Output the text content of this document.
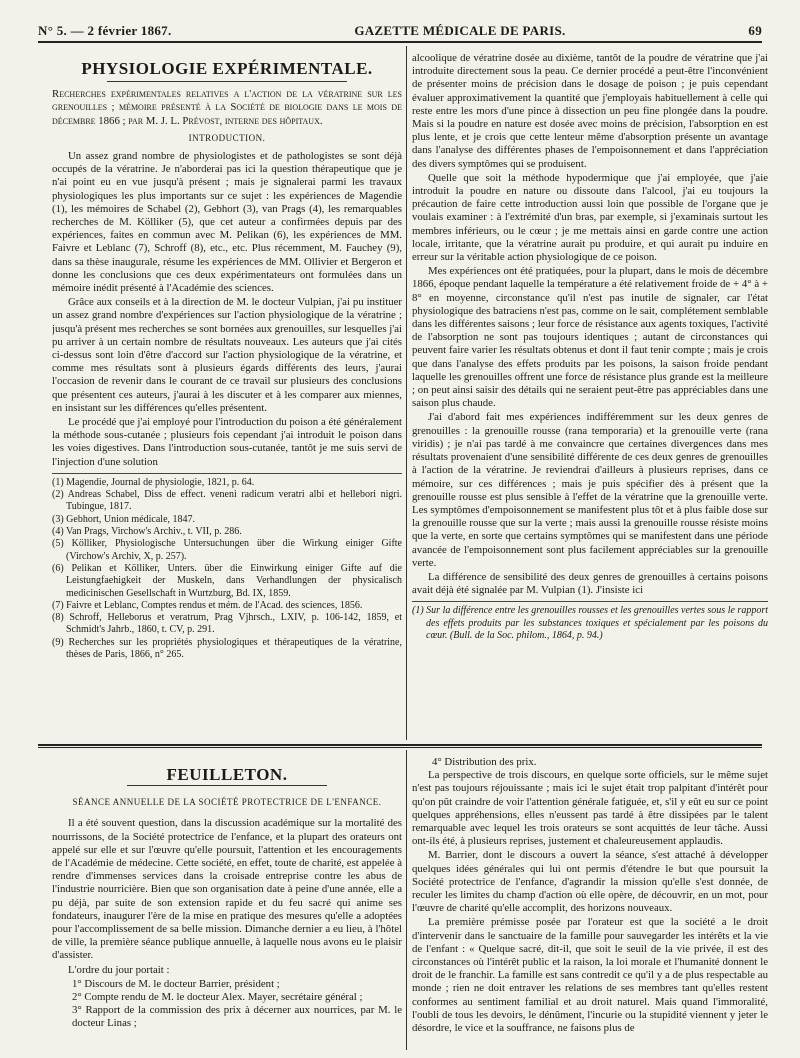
N° 5. — 2 février 1867.	GAZETTE MÉDICALE DE PARIS.	69
PHYSIOLOGIE EXPÉRIMENTALE.

Recherches expérimentales relatives a l'action de la vératrine sur les grenouilles ; mémoire présenté à la Société de biologie dans le mois de décembre 1866 ; par M. J. L. Prévost, interne des hôpitaux.

INTRODUCTION.

Un assez grand nombre de physiologistes et de pathologistes se sont déjà occupés de la vératrine. Je n'aborderai pas ici la question thérapeutique que je n'ai point eu en vue jusqu'à présent ; mais je signalerai parmi les travaux physiologiques les plus importants sur ce sujet : les expériences de Magendie (1), les mémoires de Schabel (2), Gebhort (3), van Prags (4), les remarquables recherches de M. Kölliker (5), que cet auteur a confirmées depuis par des expériences, faites en commun avec M. Pelikan (6), les expériences de MM. Faivre et Leblanc (7), Schroff (8), etc., etc. Plus récemment, M. Fauchey (9), dans sa thèse inaugurale, résume les expériences de MM. Ollivier et Bergeron et donne les conclusions que ces deux expérimentateurs ont formulées dans un mémoire inédit présenté à l'Académie des sciences.

Grâce aux conseils et à la direction de M. le docteur Vulpian, j'ai pu instituer un assez grand nombre d'expériences sur l'action physiologique de la vératrine ; jusqu'à présent mes recherches se sont bornées aux grenouilles, sur lesquelles j'ai pu arriver à un certain nombre de résultats nouveaux. Les auteurs que j'ai cités ci-dessus sont loin d'être d'accord sur l'action physiologique de la vératrine, et comme mes résultats sont à plusieurs égards différents des leurs, j'aurai l'occasion de revenir dans le courant de ce travail sur plusieurs des conclusions que présentent ces auteurs, j'aurai à les discuter et à les comparer aux miennes, en insistant sur les différences qu'elles présentent.

Le procédé que j'ai employé pour l'introduction du poison a été généralement la méthode sous-cutanée ; plusieurs fois cependant j'ai introduit le poison dans les voies digestives. Dans l'introduction sous-cutanée, tantôt je me suis servi de l'injection d'une solution

(1) Magendie, Journal de physiologie, 1821, p. 64.

(2) Andreas Schabel, Diss de effect. veneni radicum veratri albi et hellebori nigri. Tubingue, 1817.

(3) Gebhort, Union médicale, 1847.

(4) Van Prags, Virchow's Archiv., t. VII, p. 286.

(5) Kölliker, Physiologische Untersuchungen über die Wirkung einiger Gifte (Virchow's Archiv, X, p. 257).

(6) Pelikan et Kölliker, Unters. über die Einwirkung einiger Gifte auf die Leistungfaehigkeit der Muskeln, dans Verhandlungen der physicalisch medicinischen Gesellschaft in Wurtzburg, Bd. IX, 1859.

(7) Faivre et Leblanc, Comptes rendus et mém. de l'Acad. des sciences, 1856.

(8) Schroff, Helleborus et veratrum, Prag Vjhrsch., LXIV, p. 106-142, 1859, et Schmidt's Jahrb., 1860, t. CV, p. 291.

(9) Recherches sur les propriétés physiologiques et thérapeutiques de la vératrine, thèses de Paris, 1866, n° 265.

alcoolique de vératrine dosée au dixième, tantôt de la poudre de vératrine que j'ai introduite directement sous la peau. Ce dernier procédé a peut-être l'inconvénient de présenter moins de précision dans le dosage de poison ; je puis cependant évaluer approximativement la quantité que j'employais habituellement à celle qui reste entre les mors d'une pince à dissection un peu fine plongée dans la poudre. Mais si la poudre en nature est dosée avec moins de précision, l'absorption en est plus lente, et je crois que cette lenteur même d'absorption présente un avantage dans l'analyse des différentes phases de l'empoisonnement et dans l'appréciation des divers symptômes qui se produisent.

Quelle que soit la méthode hypodermique que j'ai employée, que j'aie introduit la poudre en nature ou dissoute dans l'alcool, j'ai eu toujours la précaution de faire cette introduction aussi loin que possible de l'organe que je voulais examiner : à l'extrémité d'un bras, par exemple, si j'examinais surtout les membres inférieurs, ou le cœur ; je me mettais ainsi en garde contre une action locale, irritante, que la vératrine aurait pu produire, et qui aurait pu induire en erreur sur la véritable action physiologique de ce poison.

Mes expériences ont été pratiquées, pour la plupart, dans le mois de décembre 1866, époque pendant laquelle la température a été relativement froide de + 4° à + 8° en moyenne, circonstance qu'il n'est pas inutile de signaler, car l'état physiologique des batraciens n'est pas, comme on le sait, complétement semblable dans les différentes saisons ; leur force de résistance aux agents toxiques, l'activité de l'absorption ne sont pas toujours identiques ; autant de circonstances qui peuvent faire varier les résultats obtenus et dont il faut tenir compte ; mais je crois que dans l'analyse des effets produits par les poisons, la saison froide pendant laquelle les grenouilles offrent une force de résistance plus grande est la meilleure ; on peut ainsi saisir des détails qui ne seraient peut-être pas appréciables dans une saison plus chaude.

J'ai d'abord fait mes expériences indifféremment sur les deux genres de grenouilles : la grenouille rousse (rana temporaria) et la grenouille verte (rana viridis) ; je n'ai pas tardé à me convaincre que certaines divergences dans mes résultats provenaient d'une sensibilité différente de ces deux genres de grenouilles à l'action de la vératrine. Je reviendrai d'ailleurs à plusieurs reprises, dans ce mémoire, sur ces différences ; mais je puis spécifier dès à présent que la grenouille rousse est plus sensible à l'effet de la vératrine que la grenouille verte. Les symptômes d'empoisonnement se manifestent plus tôt et à plus faible dose sur la grenouille rousse que sur la verte ; mais aussi la grenouille rousse résiste moins que la verte, en sorte que certains symptômes qui se manifestent dans une période avancée de l'empoisonnement sont plus facilement appréciables sur la grenouille verte.

La différence de sensibilité des deux genres de grenouilles à certains poisons avait déjà été signalée par M. Vulpian (1). J'insiste ici

(1) Sur la différence entre les grenouilles rousses et les grenouilles vertes sous le rapport des effets produits par les substances toxiques et spécialement par les poisons du cœur. (Bull. de la Soc. philom., 1864, p. 94.)

FEUILLETON.
SÉANCE ANNUELLE DE LA SOCIÉTÉ PROTECTRICE DE L'ENFANCE.

Il a été souvent question, dans la discussion académique sur la mortalité des nourrissons, de la Société protectrice de l'enfance, et la plupart des orateurs ont appelé sur elle et sur l'œuvre qu'elle poursuit, l'attention et les encouragements de l'Académie de médecine. Cette société, en effet, toute de charité, est appelée à rendre d'immenses services dans la croisade entreprise contre les abus de l'industrie nourricière. Bien que son organisation date à peine d'une année, elle a pu déjà, par suite de son extension rapide et du feu sacré qui anime ses fondateurs, inaugurer l'ère de la mise en pratique des mesures qu'elle a adoptées pour l'accomplissement de sa belle mission. Dimanche dernier a eu lieu, à l'hôtel de ville, la première séance publique annuelle, à laquelle nous avons eu le plaisir d'assister.

L'ordre du jour portait :

1° Discours de M. le docteur Barrier, président ;

2° Compte rendu de M. le docteur Alex. Mayer, secrétaire général ;

3° Rapport de la commission des prix à décerner aux nourrices, par M. le docteur Linas ;

4° Distribution des prix.

La perspective de trois discours, en quelque sorte officiels, sur le même sujet n'est pas toujours réjouissante ; mais ici le sujet était trop palpitant d'intérêt pour qu'on pût craindre de voir l'attention générale fatiguée, et, s'il y eût eu sur ce point quelques appréhensions, elles n'eussent pas tardé à être dissipées par le talent remarquable avec lequel les trois orateurs se sont acquittés de leur tâche. Aussi ont-ils été, à plusieurs reprises, justement et chaleureusement applaudis.

M. Barrier, dont le discours a ouvert la séance, s'est attaché à développer quelques idées générales qui lui ont permis d'étendre le but que poursuit la Société protectrice de l'enfance, d'agrandir la mission qu'elle s'est donnée, de reculer les limites du champ d'action où elle opère, de découvrir, en un mot, pour l'œuvre de charité qu'elle accomplit, des horizons nouveaux.

La première prémisse posée par l'orateur est que la société a le droit d'intervenir dans le sanctuaire de la famille pour sauvegarder les intérêts et la vie de l'enfant : « Quelque sacré, dit-il, que soit le seuil de la vie privée, il est des circonstances où l'intérêt public et la raison, la loi morale et l'humanité donnent le droit de le franchir. La famille est sans contredit ce qu'il y a de plus respectable au monde ; rien ne doit entraver les relations de ses membres tant qu'elles restent conformes au sentiment familial et au droit naturel. Mais quand l'immoralité, l'oubli de tous les devoirs, le dénûment, l'incurie ou la stupidité viennent y jeter le désordre, le vice et la souffrance, ne faisons plus de
